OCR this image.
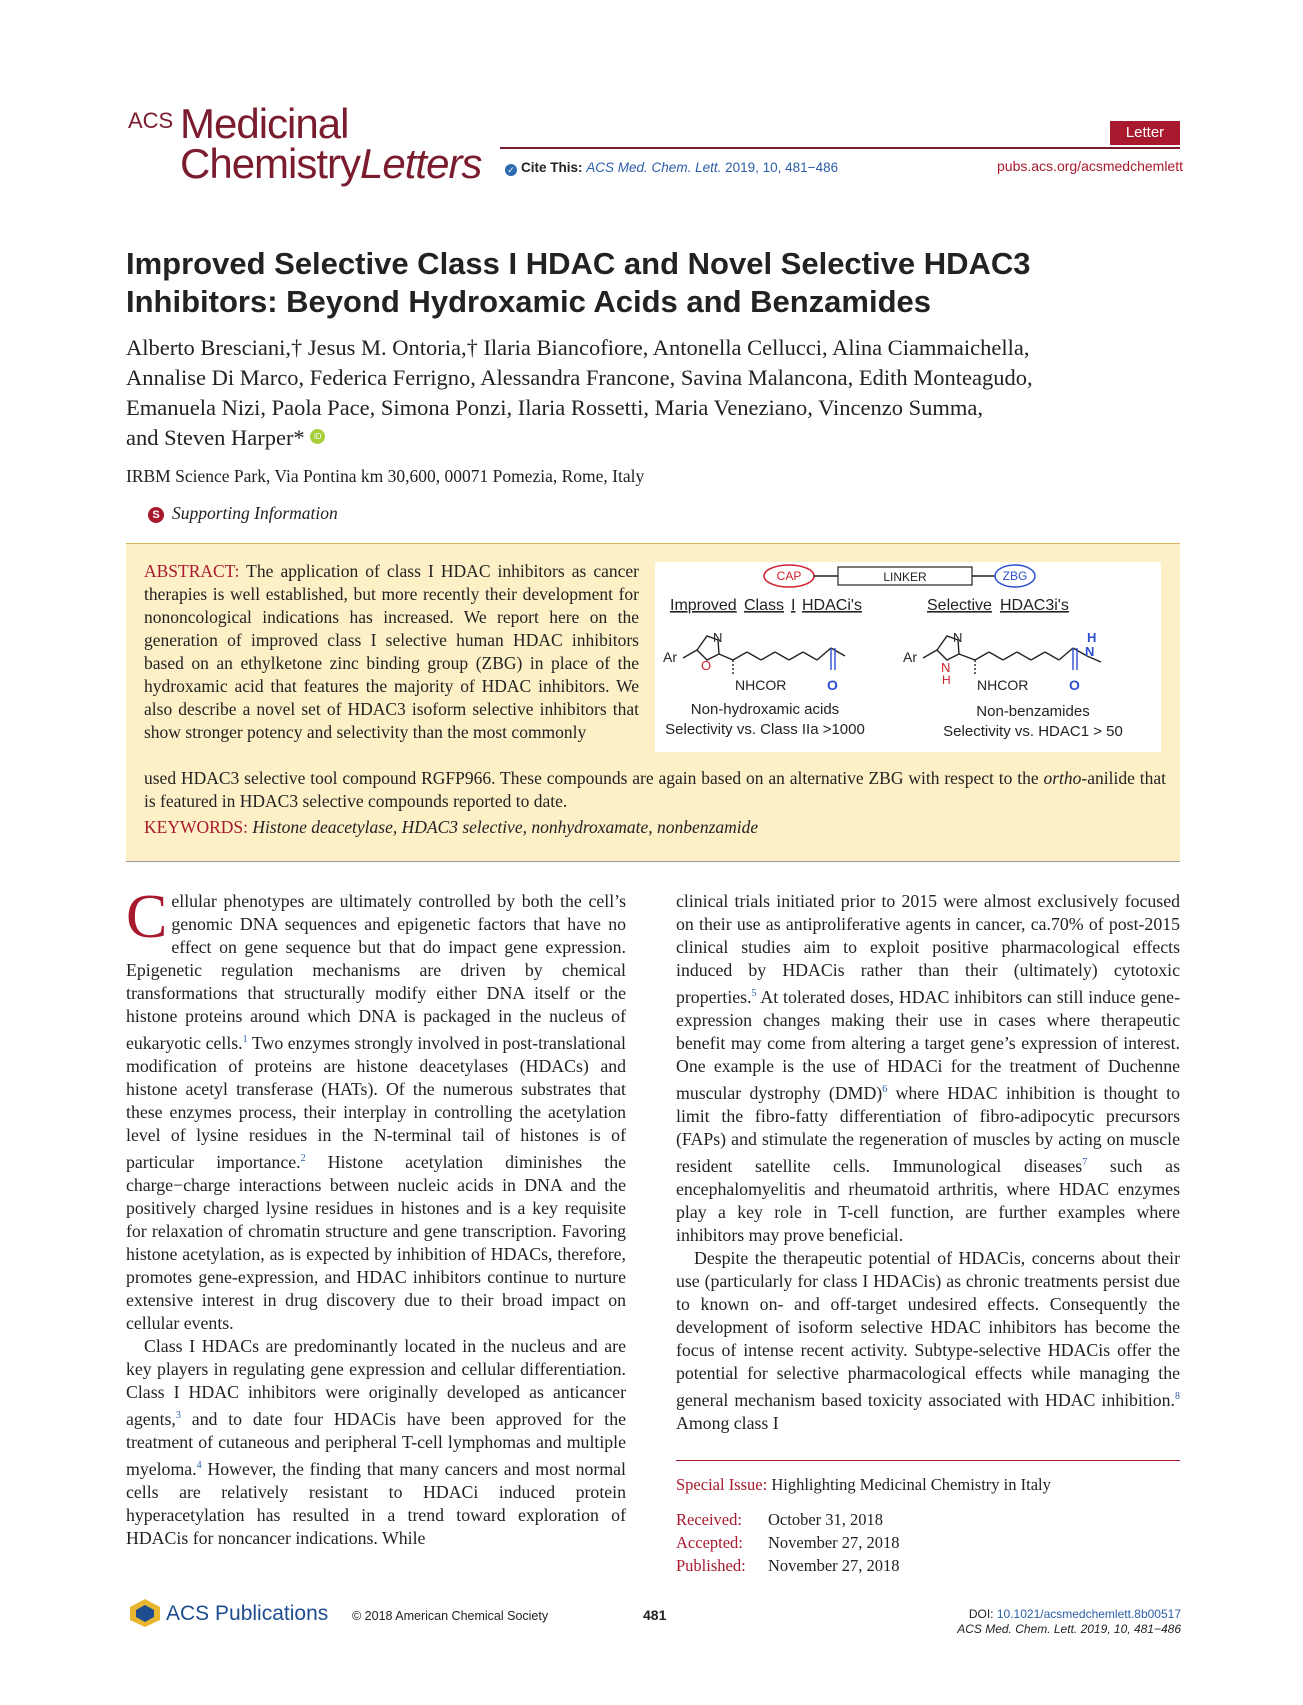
ACS Medicinal
ChemistryLetters
Letter
✓ Cite This: ACS Med. Chem. Lett. 2019, 10, 481−486	pubs.acs.org/acsmedchemlett
Improved Selective Class I HDAC and Novel Selective HDAC3
Inhibitors: Beyond Hydroxamic Acids and Benzamides
Alberto Bresciani,† Jesus M. Ontoria,† Ilaria Biancofiore, Antonella Cellucci, Alina Ciammaichella,
Annalise Di Marco, Federica Ferrigno, Alessandra Francone, Savina Malancona, Edith Monteagudo,
Emanuela Nizi, Paola Pace, Simona Ponzi, Ilaria Rossetti, Maria Veneziano, Vincenzo Summa,
and Steven Harper* iD
IRBM Science Park, Via Pontina km 30,600, 00071 Pomezia, Rome, Italy
S Supporting Information
ABSTRACT: The application of class I HDAC inhibitors as cancer therapies is well established, but more recently their development for nononcological indications has increased. We report here on the generation of improved class I selective human HDAC inhibitors based on an ethylketone zinc binding group (ZBG) in place of the hydroxamic acid that features the majority of HDAC inhibitors. We also describe a novel set of HDAC3 isoform selective inhibitors that show stronger potency and selectivity than the most commonly
used HDAC3 selective tool compound RGFP966. These compounds are again based on an alternative ZBG with respect to the ortho-anilide that is featured in HDAC3 selective compounds reported to date.
KEYWORDS: Histone deacetylase, HDAC3 selective, nonhydroxamate, nonbenzamide
CAP	LINKER	ZBG
Improved Class I HDACi's	Selective HDAC3i's
Ar
N
O
NHCOR	O
Ar
N
N
H NHCOR	O
H
N
Non-hydroxamic acids
Selectivity vs. Class IIa >1000
Non-benzamides
Selectivity vs. HDAC1 > 50

Cellular phenotypes are ultimately controlled by both the cell’s genomic DNA sequences and epigenetic factors that have no effect on gene sequence but that do impact gene expression. Epigenetic regulation mechanisms are driven by chemical transformations that structurally modify either DNA itself or the histone proteins around which DNA is packaged in the nucleus of eukaryotic cells.$^1$ Two enzymes strongly involved in post-translational modification of proteins are histone deacetylases (HDACs) and histone acetyl transferase (HATs). Of the numerous substrates that these enzymes process, their interplay in controlling the acetylation level of lysine residues in the N-terminal tail of histones is of particular importance.$^2$ Histone acetylation diminishes the charge−charge interactions between nucleic acids in DNA and the positively charged lysine residues in histones and is a key requisite for relaxation of chromatin structure and gene transcription. Favoring histone acetylation, as is expected by inhibition of HDACs, therefore, promotes gene-expression, and HDAC inhibitors continue to nurture extensive interest in drug discovery due to their broad impact on cellular events.

Class I HDACs are predominantly located in the nucleus and are key players in regulating gene expression and cellular differentiation. Class I HDAC inhibitors were originally developed as anticancer agents,$^3$ and to date four HDACis have been approved for the treatment of cutaneous and peripheral T-cell lymphomas and multiple myeloma.$^4$ However, the finding that many cancers and most normal cells are relatively resistant to HDACi induced protein hyperacetylation has resulted in a trend toward exploration of HDACis for noncancer indications. While

clinical trials initiated prior to 2015 were almost exclusively focused on their use as antiproliferative agents in cancer, ca.70% of post-2015 clinical studies aim to exploit positive pharmacological effects induced by HDACis rather than their (ultimately) cytotoxic properties.$^5$ At tolerated doses, HDAC inhibitors can still induce gene-expression changes making their use in cases where therapeutic benefit may come from altering a target gene’s expression of interest. One example is the use of HDACi for the treatment of Duchenne muscular dystrophy (DMD)$^6$ where HDAC inhibition is thought to limit the fibro-fatty differentiation of fibro-adipocytic precursors (FAPs) and stimulate the regeneration of muscles by acting on muscle resident satellite cells. Immunological diseases$^7$ such as encephalomyelitis and rheumatoid arthritis, where HDAC enzymes play a key role in T-cell function, are further examples where inhibitors may prove beneficial.

Despite the therapeutic potential of HDACis, concerns about their use (particularly for class I HDACis) as chronic treatments persist due to known on- and off-target undesired effects. Consequently the development of isoform selective HDAC inhibitors has become the focus of intense recent activity. Subtype-selective HDACis offer the potential for selective pharmacological effects while managing the general mechanism based toxicity associated with HDAC inhibition.$^8$ Among class I

Special Issue: Highlighting Medicinal Chemistry in Italy
Received: October 31, 2018
Accepted: November 27, 2018
Published: November 27, 2018
ACS Publications © 2018 American Chemical Society	481	DOI: 10.1021/acsmedchemlett.8b00517
ACS Med. Chem. Lett. 2019, 10, 481−486
